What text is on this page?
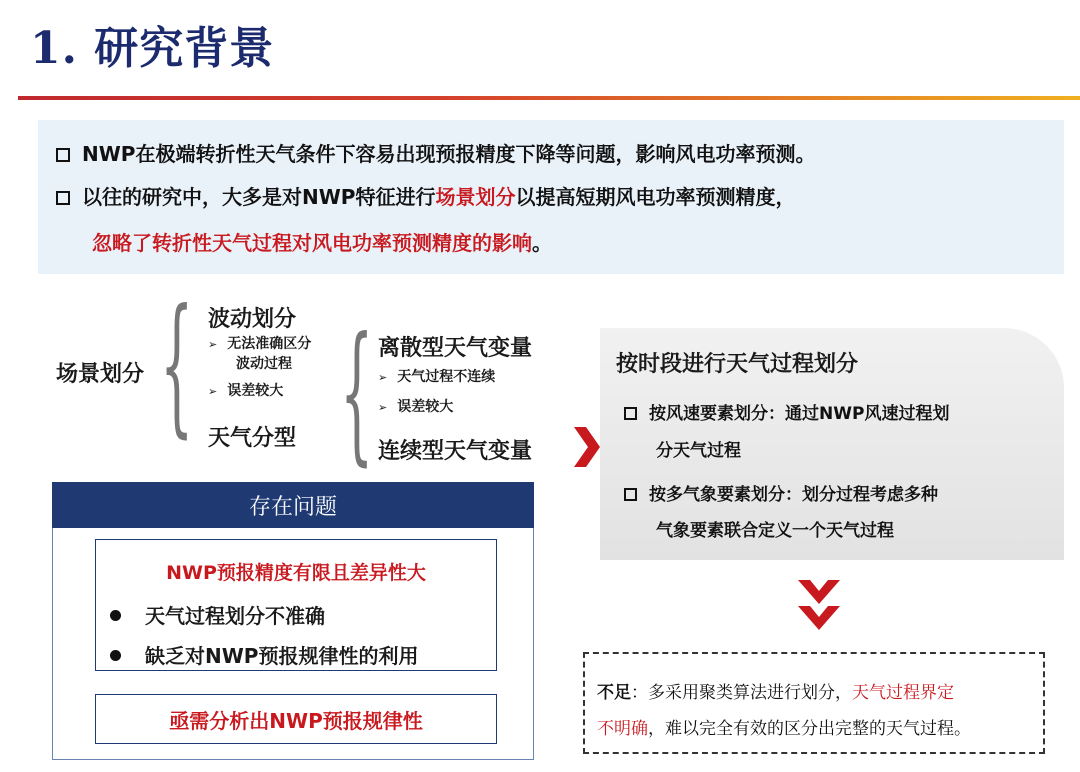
1. 研究背景
NWP在极端转折性天气条件下容易出现预报精度下降等问题，影响风电功率预测。
以往的研究中，大多是对NWP特征进行场景划分以提高短期风电功率预测精度，
忽略了转折性天气过程对风电功率预测精度的影响。
场景划分 { 波动划分
➢ 无法准确区分
波动过程
➢ 误差较大
天气分型 { 离散型天气变量
➢ 天气过程不连续
➢ 误差较大
连续型天气变量
存在问题
NWP预报精度有限且差异性大
天气过程划分不准确
缺乏对NWP预报规律性的利用
亟需分析出NWP预报规律性
按时段进行天气过程划分
按风速要素划分：通过NWP风速过程划
分天气过程
按多气象要素划分：划分过程考虑多种
气象要素联合定义一个天气过程
不足：多采用聚类算法进行划分，天气过程界定
不明确，难以完全有效的区分出完整的天气过程。
